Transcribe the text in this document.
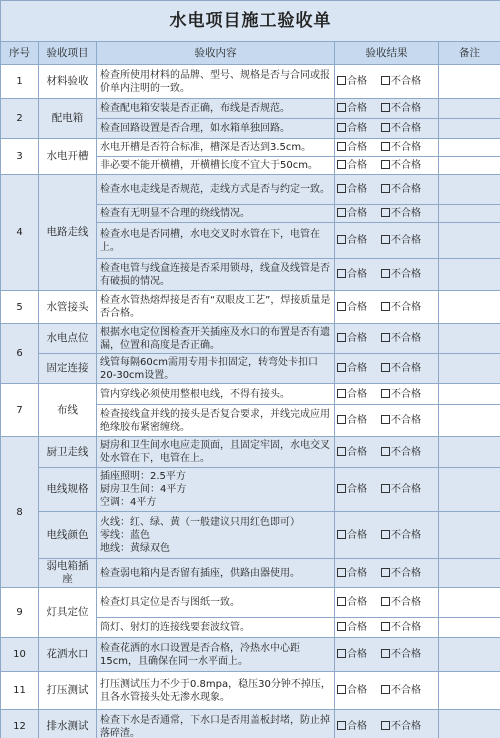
水电项目施工验收单				
序号	验收项目	验收内容	验收结果	备注
1	材料验收	检查所使用材料的品牌、型号、规格是否与合同或报价单内注明的一致。	合格 不合格	
2	配电箱	检查配电箱安装是否正确，布线是否规范。	合格 不合格	
		检查回路设置是否合理，如水箱单独回路。	合格 不合格	
3	水电开槽	水电开槽是否符合标准，槽深是否达到3.5cm。	合格 不合格	
		非必要不能开横槽，开横槽长度不宜大于50cm。	合格 不合格	
4	电路走线	检查水电走线是否规范，走线方式是否与约定一致。	合格 不合格	
		检查有无明显不合理的绕线情况。	合格 不合格	
		检查水电是否同槽，水电交叉时水管在下，电管在上。	合格 不合格	
		检查电管与线盒连接是否采用锁母，线盒及线管是否有破损的情况。	合格 不合格	
5	水管接头	检查水管热熔焊接是否有“双眼皮工艺”，焊接质量是否合格。	合格 不合格	
6	水电点位	根据水电定位图检查开关插座及水口的布置是否有遗漏，位置和高度是否正确。	合格 不合格	
	固定连接	线管每隔60cm需用专用卡扣固定，转弯处卡扣口20-30cm设置。	合格 不合格	
7	布线	管内穿线必须使用整根电线，不得有接头。	合格 不合格	
		检查接线盒并线的接头是否复合要求，并线完成应用绝缘胶布紧密缠绕。	合格 不合格	
8	厨卫走线	厨房和卫生间水电应走顶面，且固定牢固，水电交叉处水管在下，电管在上。	合格 不合格	
	电线规格	插座照明：2.5平方
厨房卫生间：4平方
空调：4平方	合格 不合格	
	电线颜色	火线：红、绿、黄（一般建议只用红色即可）
零线：蓝色
地线：黄绿双色	合格 不合格	
	弱电箱插座	检查弱电箱内是否留有插座，供路由器使用。	合格 不合格	
9	灯具定位	检查灯具定位是否与图纸一致。	合格 不合格	
		筒灯、射灯的连接线要套波纹管。	合格 不合格	
10	花洒水口	检查花洒的水口设置是否合格，冷热水中心距15cm，且确保在同一水平面上。	合格 不合格	
11	打压测试	打压测试压力不少于0.8mpa，稳压30分钟不掉压，且各水管接头处无渗水现象。	合格 不合格	
12	排水测试	检查下水是否通常，下水口是否用盖板封堵，防止掉落碎渣。	合格 不合格	
